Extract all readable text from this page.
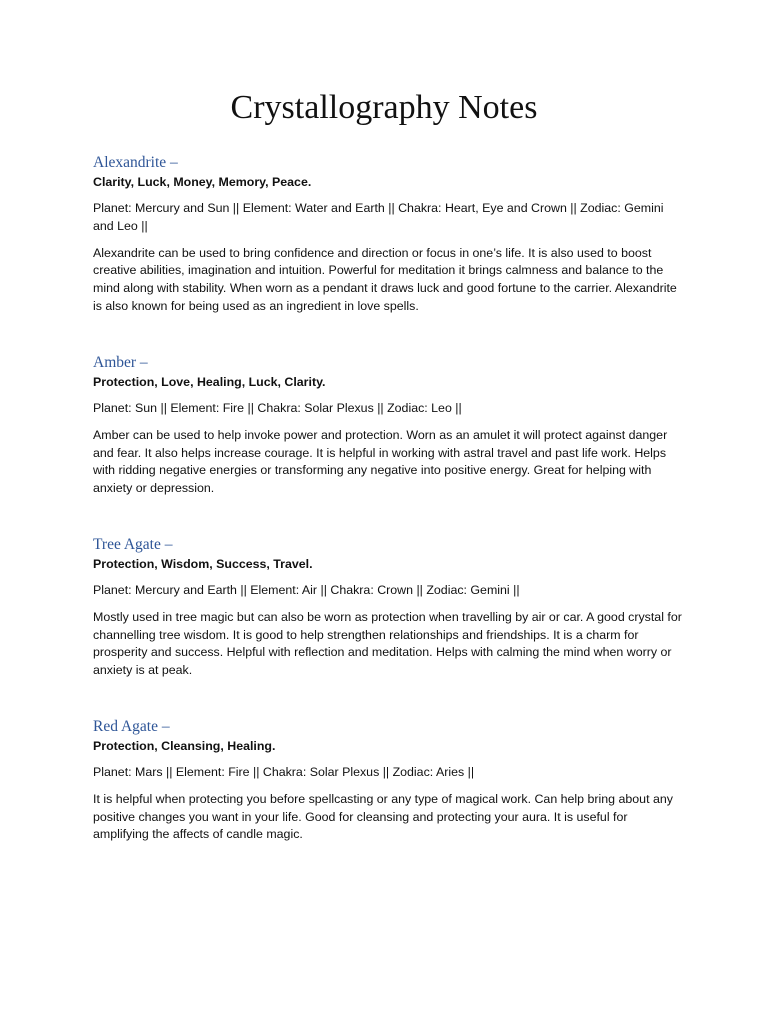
Crystallography Notes
Alexandrite –

Clarity, Luck, Money, Memory, Peace.

Planet: Mercury and Sun || Element: Water and Earth || Chakra: Heart, Eye and Crown || Zodiac: Gemini and Leo ||

Alexandrite can be used to bring confidence and direction or focus in one’s life. It is also used to boost creative abilities, imagination and intuition. Powerful for meditation it brings calmness and balance to the mind along with stability. When worn as a pendant it draws luck and good fortune to the carrier. Alexandrite is also known for being used as an ingredient in love spells.

Amber –

Protection, Love, Healing, Luck, Clarity.

Planet: Sun || Element: Fire || Chakra: Solar Plexus || Zodiac: Leo ||

Amber can be used to help invoke power and protection. Worn as an amulet it will protect against danger and fear. It also helps increase courage. It is helpful in working with astral travel and past life work. Helps with ridding negative energies or transforming any negative into positive energy. Great for helping with anxiety or depression.

Tree Agate –

Protection, Wisdom, Success, Travel.

Planet: Mercury and Earth || Element: Air || Chakra: Crown || Zodiac: Gemini ||

Mostly used in tree magic but can also be worn as protection when travelling by air or car. A good crystal for channelling tree wisdom. It is good to help strengthen relationships and friendships. It is a charm for prosperity and success. Helpful with reflection and meditation. Helps with calming the mind when worry or anxiety is at peak.

Red Agate –

Protection, Cleansing, Healing.

Planet: Mars || Element: Fire || Chakra: Solar Plexus || Zodiac: Aries ||

It is helpful when protecting you before spellcasting or any type of magical work. Can help bring about any positive changes you want in your life. Good for cleansing and protecting your aura. It is useful for amplifying the affects of candle magic.
